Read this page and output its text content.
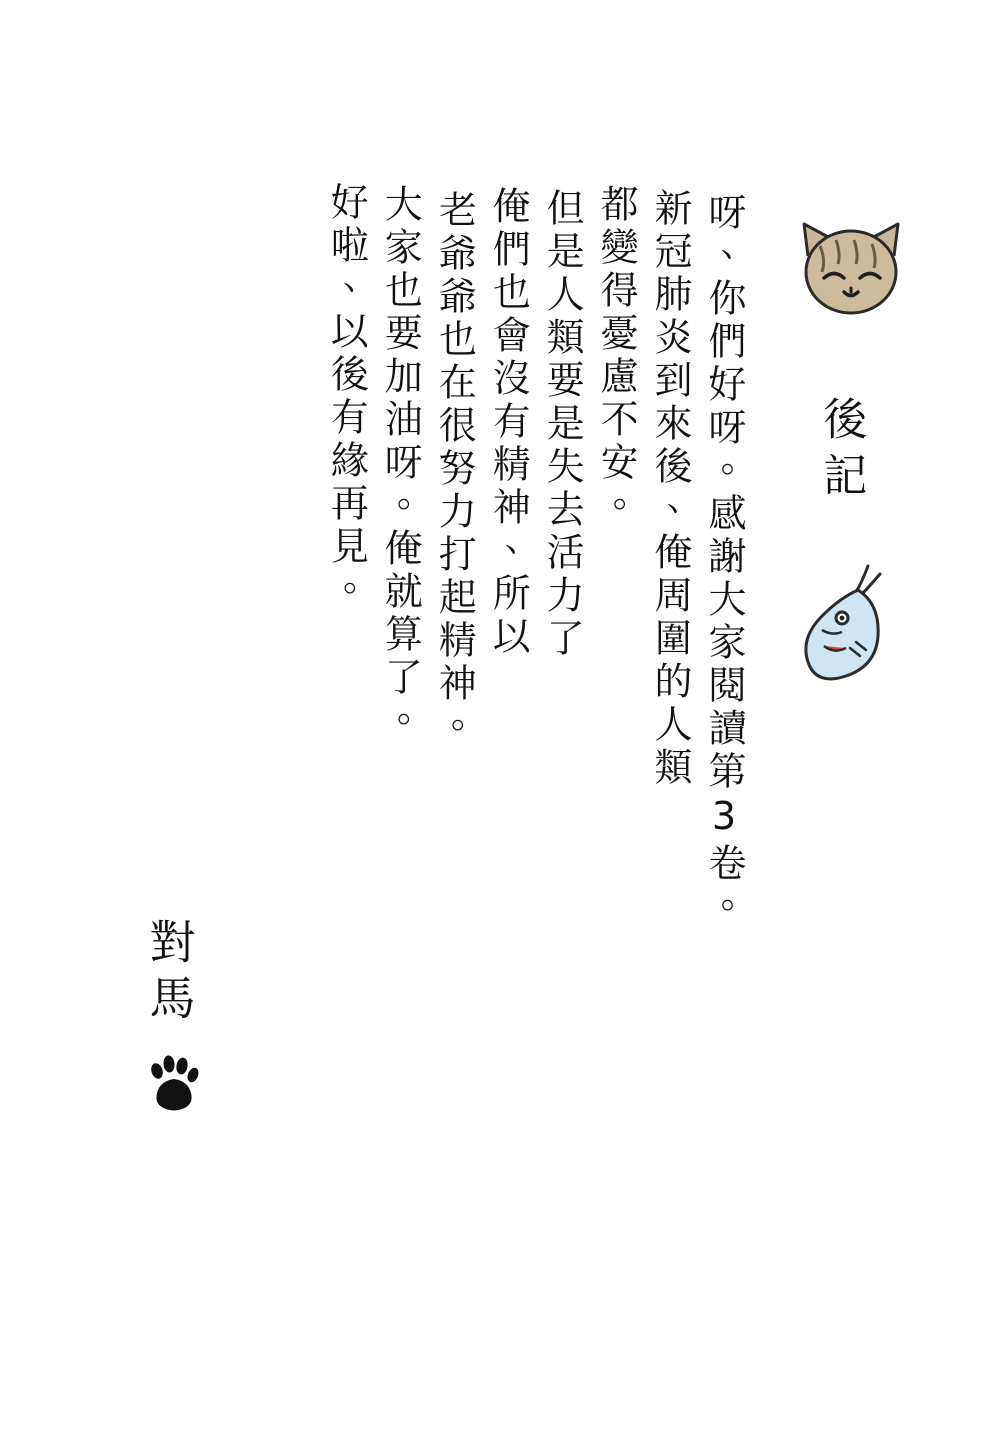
後記
呀、你們好呀。感謝大家閱讀第3卷。
新冠肺炎到來後、俺周圍的人類
都變得憂慮不安。
但是人類要是失去活力了
俺們也會沒有精神、所以
老爺爺也在很努力打起精神。
大家也要加油呀。俺就算了。
好啦、以後有緣再見。
對馬
